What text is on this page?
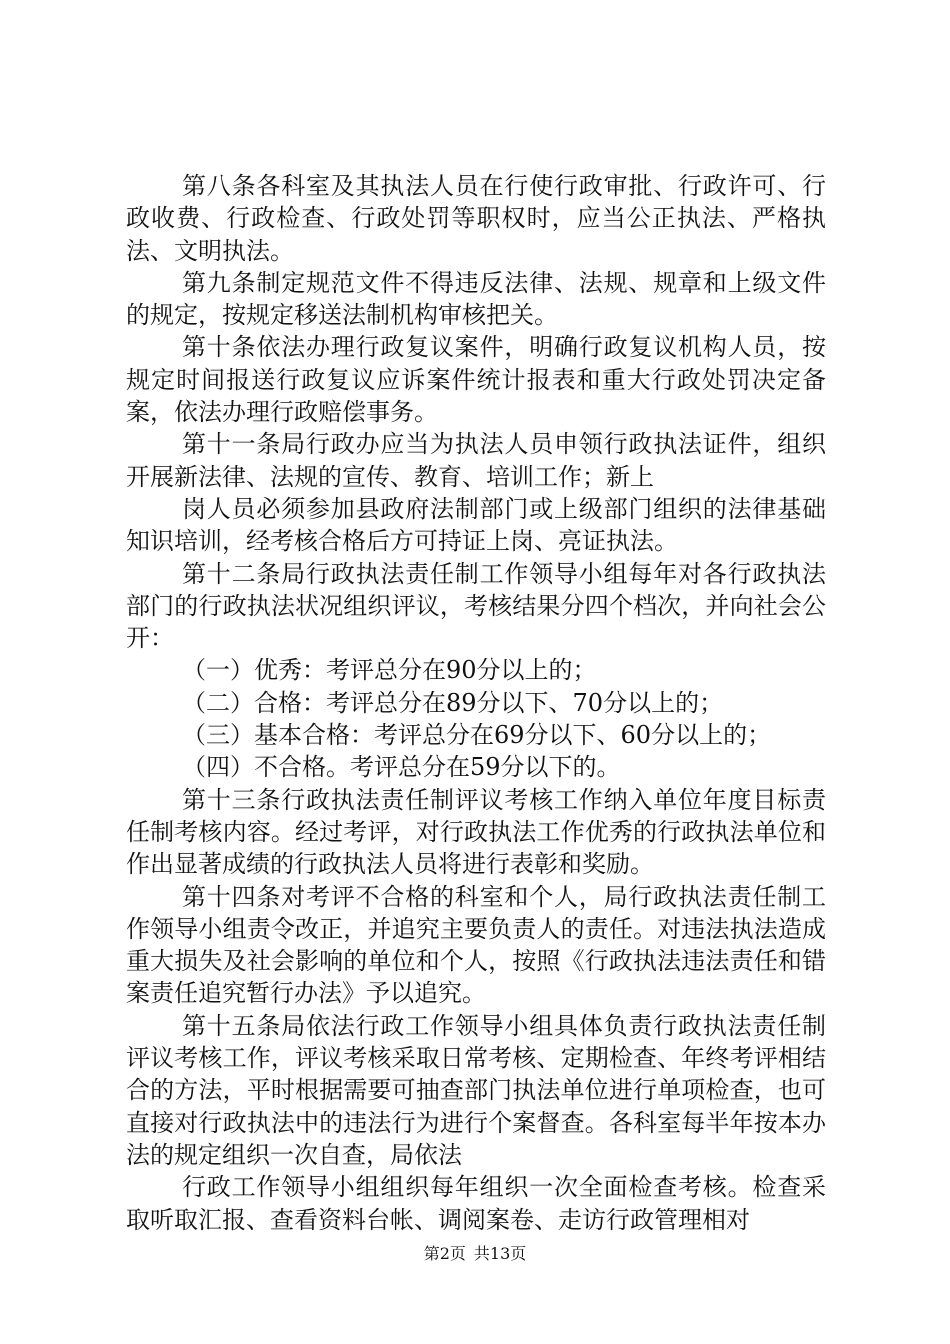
第八条各科室及其执法人员在行使行政审批、行政许可、行政收费、行政检查、行政处罚等职权时，应当公正执法、严格执法、文明执法。

第九条制定规范文件不得违反法律、法规、规章和上级文件的规定，按规定移送法制机构审核把关。

第十条依法办理行政复议案件，明确行政复议机构人员，按规定时间报送行政复议应诉案件统计报表和重大行政处罚决定备案，依法办理行政赔偿事务。

第十一条局行政办应当为执法人员申领行政执法证件，组织开展新法律、法规的宣传、教育、培训工作；新上

岗人员必须参加县政府法制部门或上级部门组织的法律基础知识培训，经考核合格后方可持证上岗、亮证执法。

第十二条局行政执法责任制工作领导小组每年对各行政执法部门的行政执法状况组织评议，考核结果分四个档次，并向社会公开：

（一）优秀：考评总分在90分以上的；

（二）合格：考评总分在89分以下、70分以上的；

（三）基本合格：考评总分在69分以下、60分以上的；

（四）不合格。考评总分在59分以下的。

第十三条行政执法责任制评议考核工作纳入单位年度目标责任制考核内容。经过考评，对行政执法工作优秀的行政执法单位和作出显著成绩的行政执法人员将进行表彰和奖励。

第十四条对考评不合格的科室和个人，局行政执法责任制工作领导小组责令改正，并追究主要负责人的责任。对违法执法造成重大损失及社会影响的单位和个人，按照《行政执法违法责任和错案责任追究暂行办法》予以追究。

第十五条局依法行政工作领导小组具体负责行政执法责任制评议考核工作，评议考核采取日常考核、定期检查、年终考评相结合的方法，平时根据需要可抽查部门执法单位进行单项检查，也可直接对行政执法中的违法行为进行个案督查。各科室每半年按本办法的规定组织一次自查，局依法

行政工作领导小组组织每年组织一次全面检查考核。检查采取听取汇报、查看资料台帐、调阅案卷、走访行政管理相对

第2页 共13页
